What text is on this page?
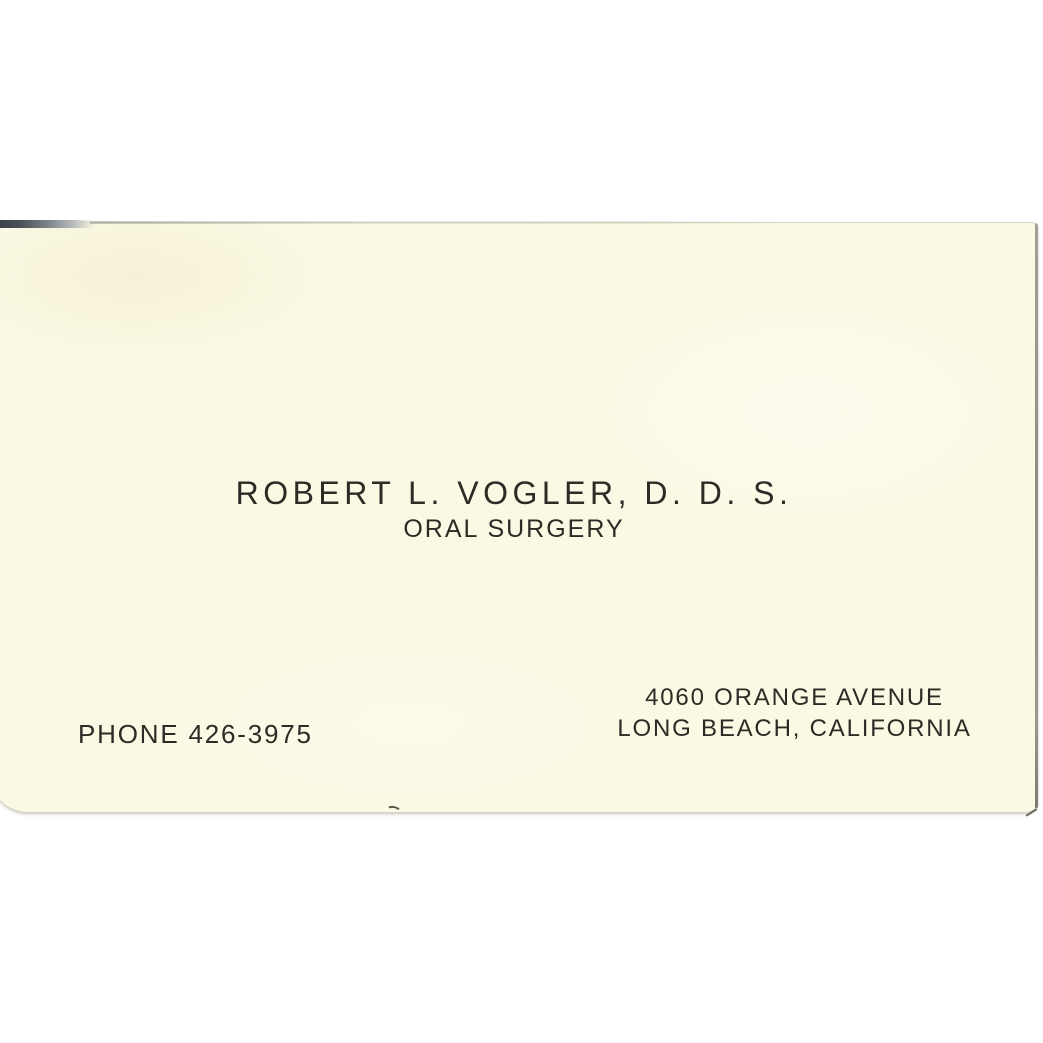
ROBERT L. VOGLER, D. D. S.
ORAL SURGERY
PHONE 426-3975
4060 ORANGE AVENUE
LONG BEACH, CALIFORNIA
